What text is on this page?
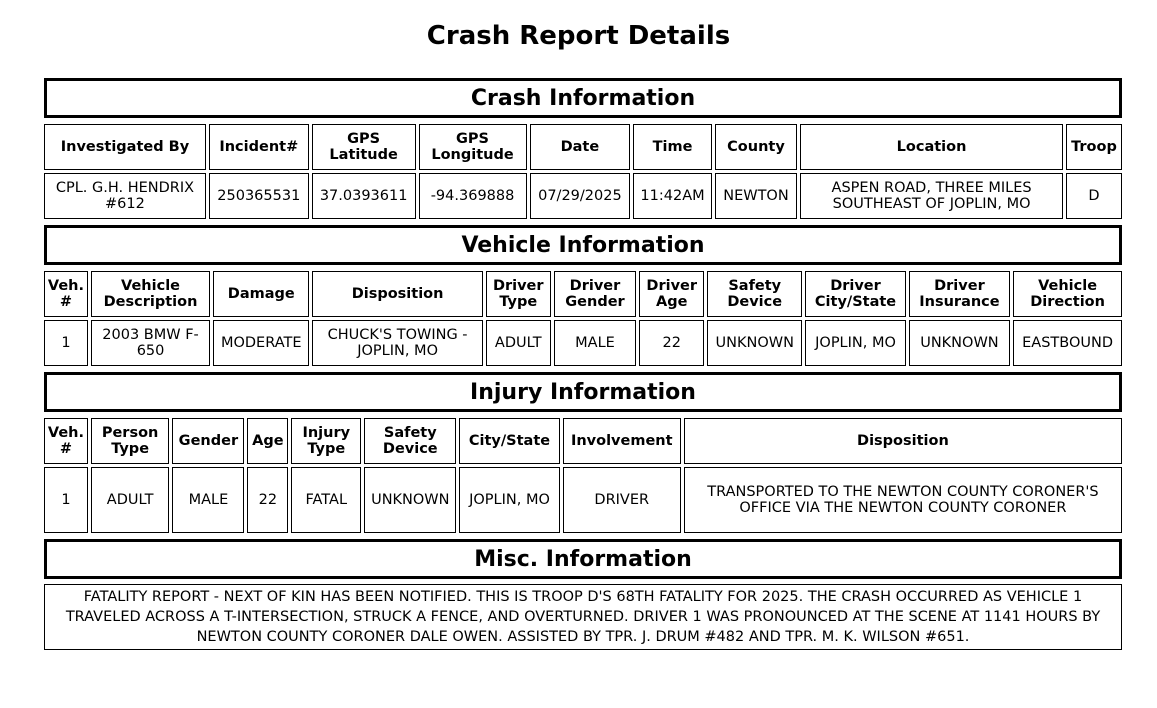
Crash Report Details
Crash Information
Investigated By	Incident#	GPS Latitude	GPS Longitude	Date	Time	County	Location	Troop
CPL. G.H. HENDRIX #612	250365531	37.0393611	-94.369888	07/29/2025	11:42AM	NEWTON	ASPEN ROAD, THREE MILES SOUTHEAST OF JOPLIN, MO	D
Vehicle Information
Veh. #	Vehicle Description	Damage	Disposition	Driver Type	Driver Gender	Driver Age	Safety Device	Driver City/State	Driver Insurance	Vehicle Direction
1	2003 BMW F-650	MODERATE	CHUCK'S TOWING - JOPLIN, MO	ADULT	MALE	22	UNKNOWN	JOPLIN, MO	UNKNOWN	EASTBOUND
Injury Information
Veh. #	Person Type	Gender	Age	Injury Type	Safety Device	City/State	Involvement	Disposition
1	ADULT	MALE	22	FATAL	UNKNOWN	JOPLIN, MO	DRIVER	TRANSPORTED TO THE NEWTON COUNTY CORONER'S OFFICE VIA THE NEWTON COUNTY CORONER
Misc. Information
FATALITY REPORT - NEXT OF KIN HAS BEEN NOTIFIED. THIS IS TROOP D'S 68TH FATALITY FOR 2025. THE CRASH OCCURRED AS VEHICLE 1 TRAVELED ACROSS A T-INTERSECTION, STRUCK A FENCE, AND OVERTURNED. DRIVER 1 WAS PRONOUNCED AT THE SCENE AT 1141 HOURS BY NEWTON COUNTY CORONER DALE OWEN. ASSISTED BY TPR. J. DRUM #482 AND TPR. M. K. WILSON #651.
